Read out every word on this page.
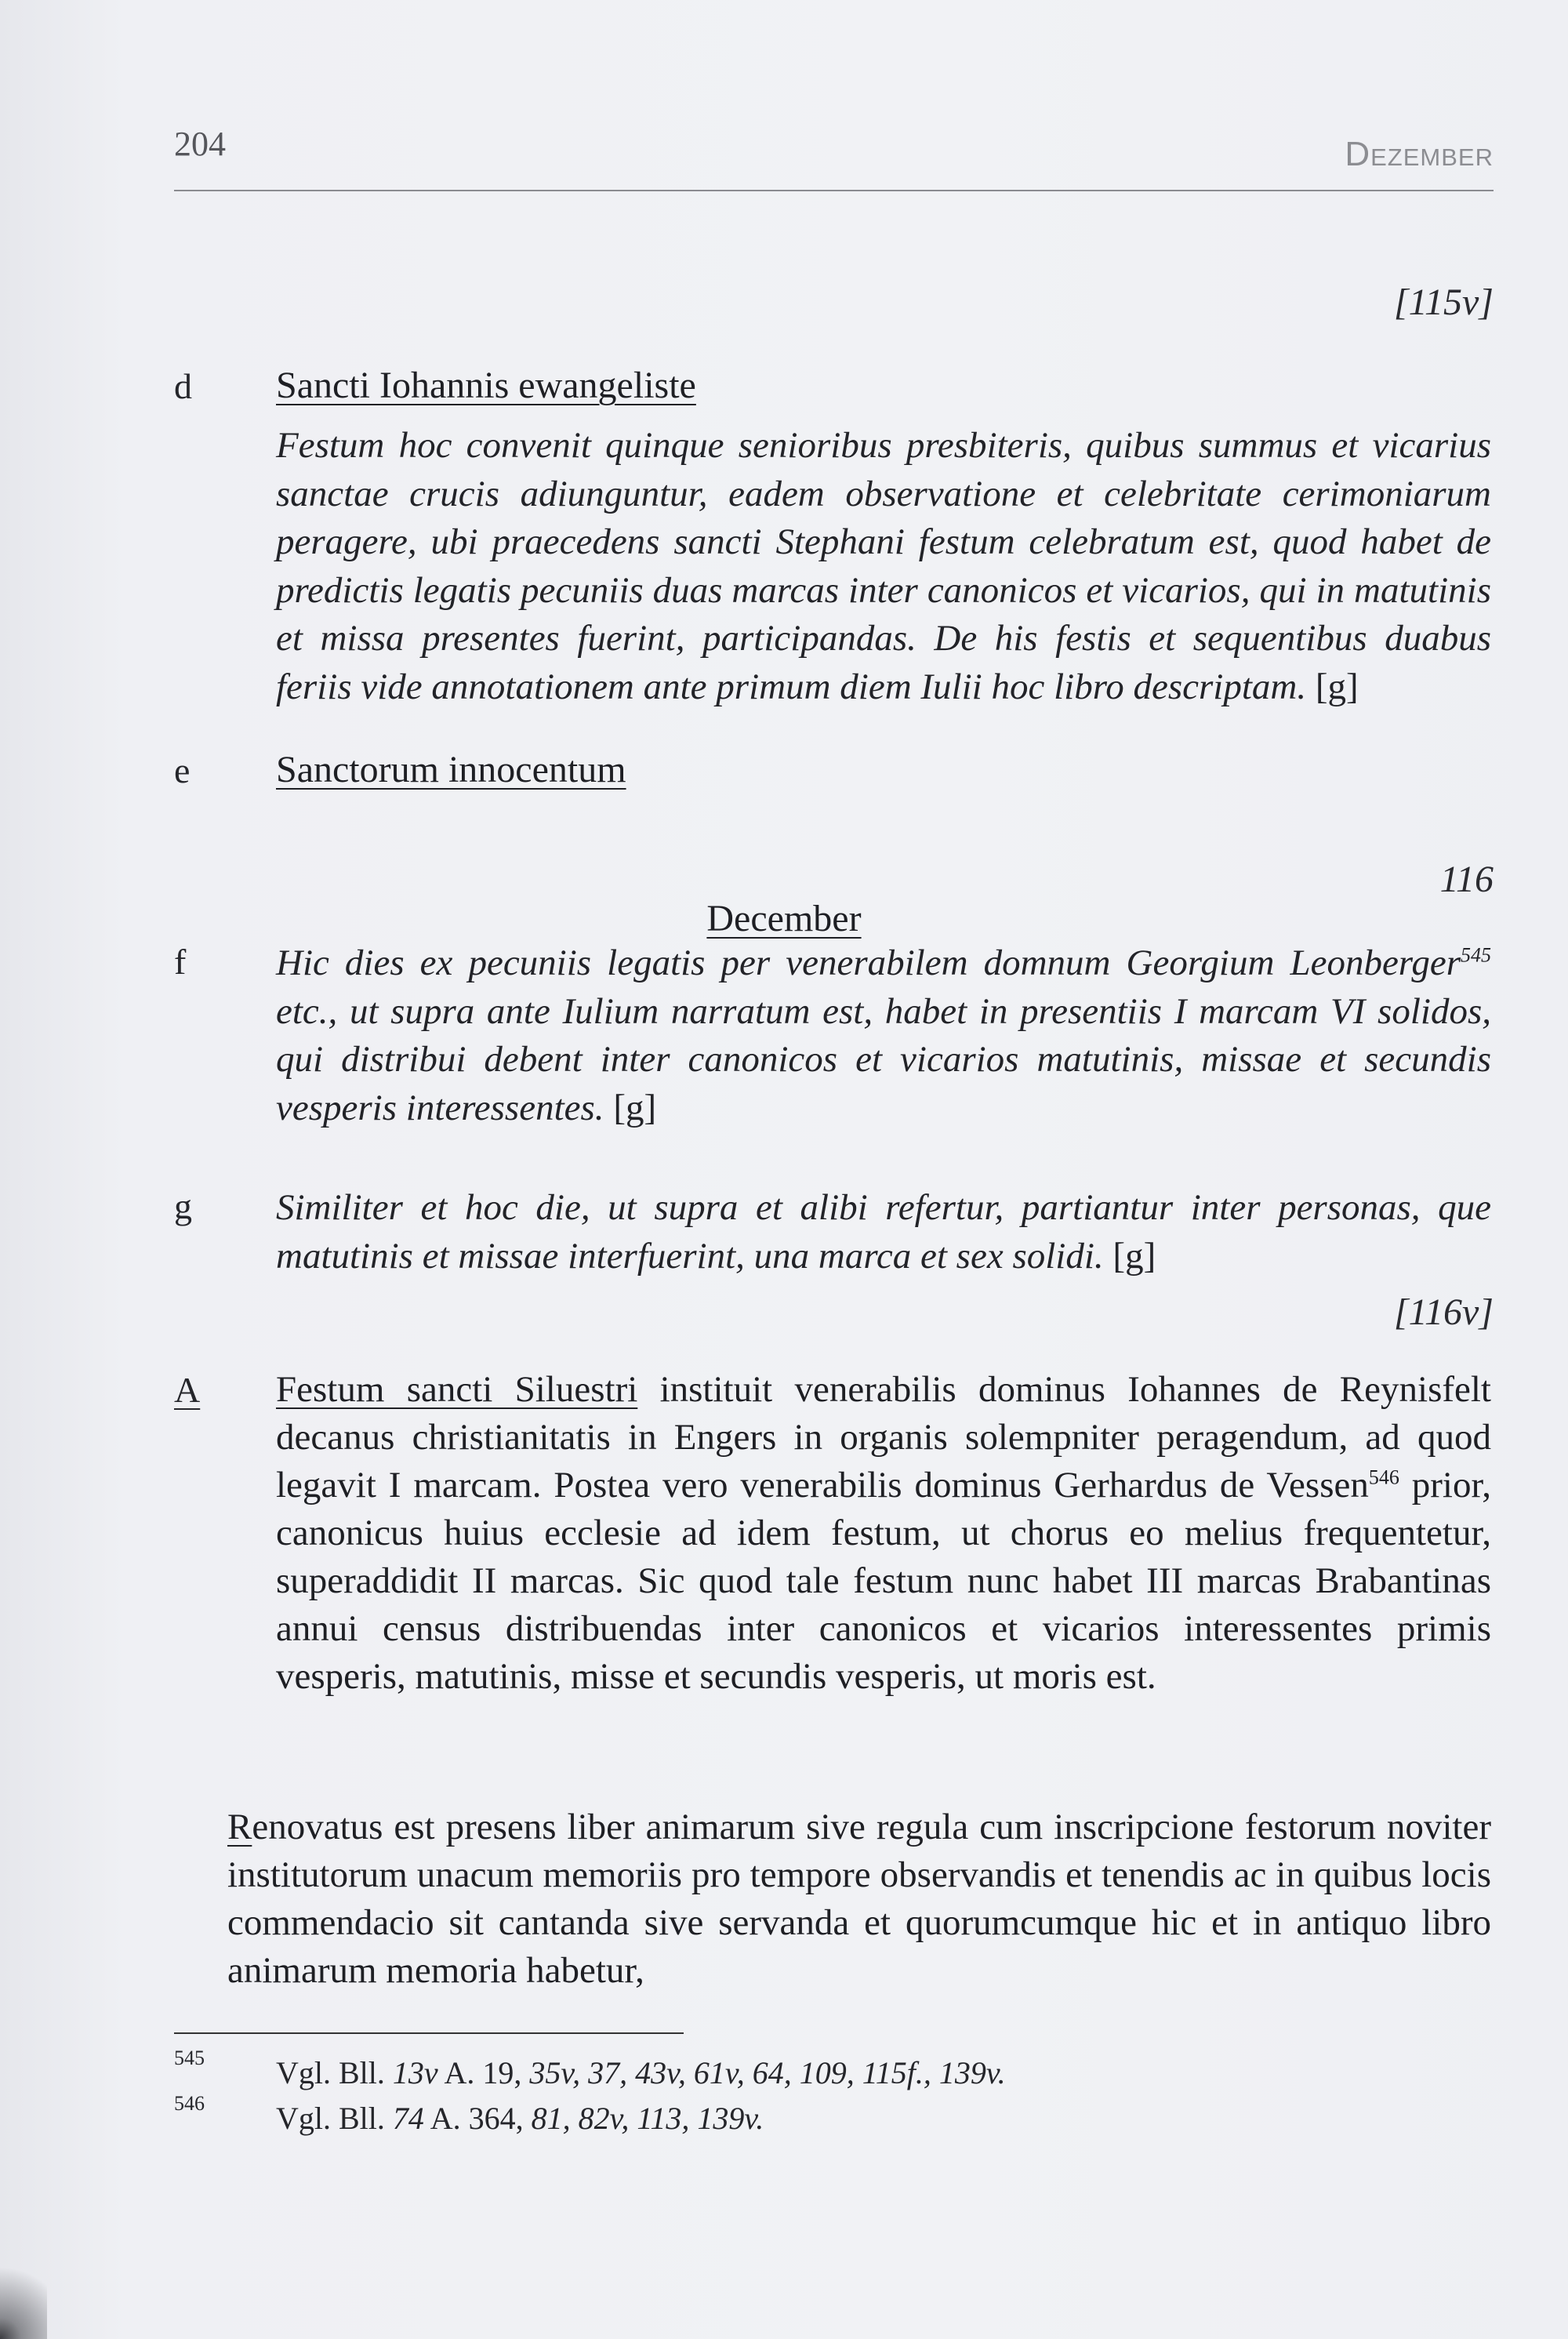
204	Dezember
[115v]
d Sancti Iohannis ewangeliste
Festum hoc convenit quinque senioribus presbiteris, quibus summus et vicarius sanctae crucis adiunguntur, eadem observatione et celebritate cerimoniarum peragere, ubi praecedens sancti Stephani festum celebratum est, quod habet de predictis legatis pecuniis duas marcas inter canonicos et vicarios, qui in matutinis et missa presentes fuerint, participandas. De his festis et sequentibus duabus feriis vide annotationem ante primum diem Iulii hoc libro descriptam. [g]
e Sanctorum innocentum
116
December
f Hic dies ex pecuniis legatis per venerabilem domnum Georgium Leonberger$^{545}$ etc., ut supra ante Iulium narratum est, habet in presentiis I marcam VI solidos, qui distribui debent inter canonicos et vicarios matutinis, missae et secundis vesperis interessentes. [g]
g Similiter et hoc die, ut supra et alibi refertur, partiantur inter personas, que matutinis et missae interfuerint, una marca et sex solidi. [g]
[116v]
A Festum sancti Siluestri instituit venerabilis dominus Iohannes de Reynisfelt decanus christianitatis in Engers in organis solempniter peragendum, ad quod legavit I marcam. Postea vero venerabilis dominus Gerhardus de Vessen$^{546}$ prior, canonicus huius ecclesie ad idem festum, ut chorus eo melius frequentetur, superaddidit II marcas. Sic quod tale festum nunc habet III marcas Brabantinas annui census distribuendas inter canonicos et vicarios interessentes primis vesperis, matutinis, misse et secundis vesperis, ut moris est.
Renovatus est presens liber animarum sive regula cum inscripcione festorum noviter institutorum unacum memoriis pro tempore observandis et tenendis ac in quibus locis commendacio sit cantanda sive servanda et quorumcumque hic et in antiquo libro animarum memoria habetur,
545 Vgl. Bll. 13v A. 19, 35v, 37, 43v, 61v, 64, 109, 115f., 139v.
546 Vgl. Bll. 74 A. 364, 81, 82v, 113, 139v.
